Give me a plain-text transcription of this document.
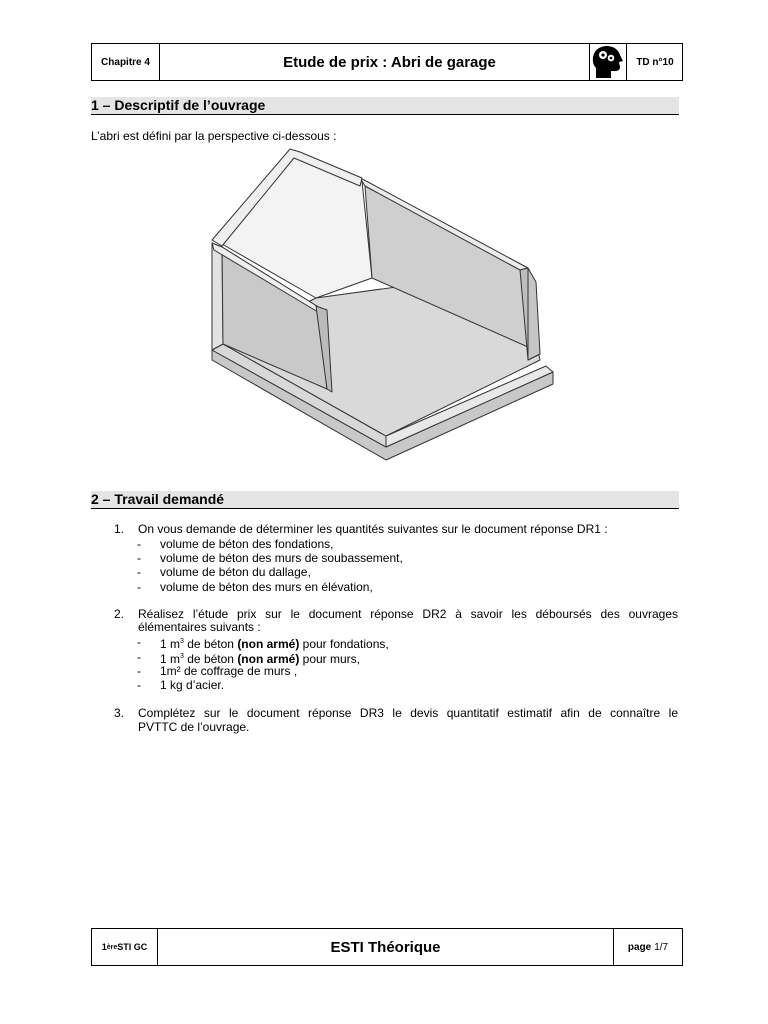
Chapitre 4	Etude de prix : Abri de garage	TD n°10
1 – Descriptif de l’ouvrage
L’abri est défini par la perspective ci-dessous :
2 – Travail demandé
1. On vous demande de déterminer les quantités suivantes sur le document réponse DR1 :
- volume de béton des fondations,
- volume de béton des murs de soubassement,
- volume de béton du dallage,
- volume de béton des murs en élévation,
2. Réalisez l’étude prix sur le document réponse DR2 à savoir les déboursés des ouvrages
élémentaires suivants :
- 1 $m^3$ de béton (non armé) pour fondations,
- 1 $m^3$ de béton (non armé) pour murs,
- 1m² de coffrage de murs ,
- 1 kg d’acier.
3. Complétez sur le document réponse DR3 le devis quantitatif estimatif afin de connaître le
PVTTC de l’ouvrage.
1 ère STI GC	ESTI Théorique	page 1/7
